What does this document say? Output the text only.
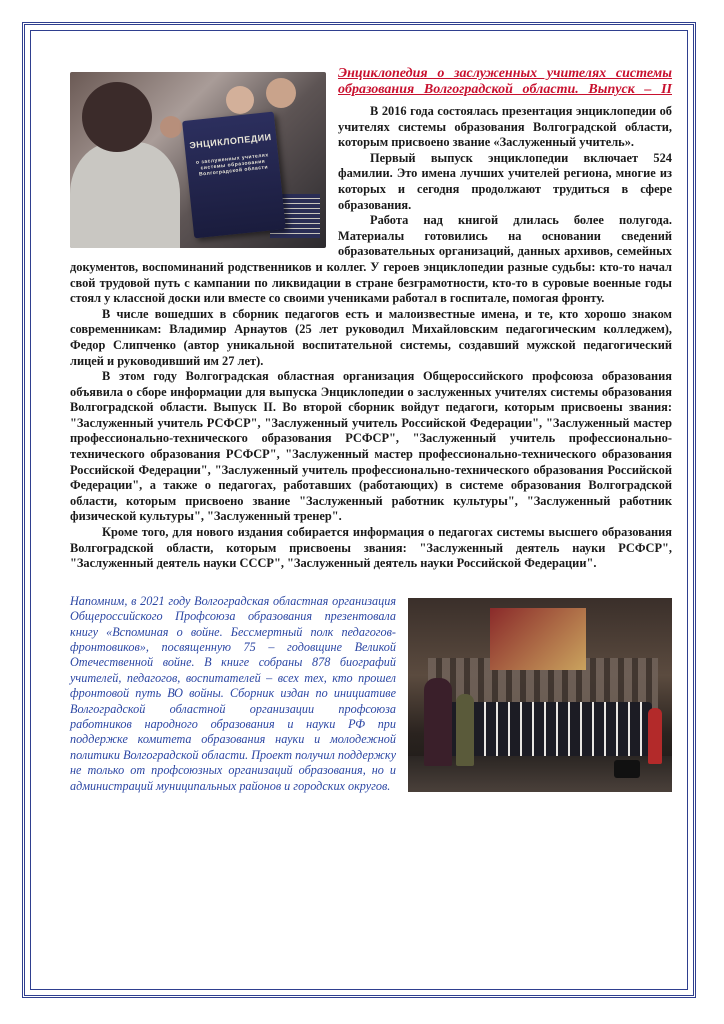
ЭНЦИКЛОПЕДИИ
о заслуженных учителях системы образования Волгоградской области
Энциклопедия о заслуженных учителях системы образования Волгоградской области. Выпуск – II

В 2016 года состоялась презентация энциклопедии об учителях системы образования Волгоградской области, которым присвоено звание «Заслуженный учитель».

Первый выпуск энциклопедии включает 524 фамилии. Это имена лучших учителей региона, многие из которых и сегодня продолжают трудиться в сфере образования.

Работа над книгой длилась более полугода. Материалы готовились на основании сведений образовательных организаций, данных архивов, семейных документов, воспоминаний родственников и коллег. У героев энциклопедии разные судьбы: кто-то начал свой трудовой путь с кампании по ликвидации в стране безграмотности, кто-то в суровые военные годы стоял у классной доски или вместе со своими учениками работал в госпитале, помогая фронту.

В числе вошедших в сборник педагогов есть и малоизвестные имена, и те, кто хорошо знаком современникам: Владимир Арнаутов (25 лет руководил Михайловским педагогическим колледжем), Федор Слипченко (автор уникальной воспитательной системы, создавший мужской педагогический лицей и руководивший им 27 лет).

В этом году Волгоградская областная организация Общероссийского профсоюза образования объявила о сборе информации для выпуска Энциклопедии о заслуженных учителях системы образования Волгоградской области. Выпуск II. Во второй сборник войдут педагоги, которым присвоены звания: "Заслуженный учитель РСФСР", "Заслуженный учитель Российской Федерации", "Заслуженный мастер профессионально-технического образования РСФСР", "Заслуженный учитель профессионально-технического образования РСФСР", "Заслуженный мастер профессионально-технического образования Российской Федерации", "Заслуженный учитель профессионально-технического образования Российской Федерации", а также о педагогах, работавших (работающих) в системе образования Волгоградской области, которым присвоено звание "Заслуженный работник культуры", "Заслуженный работник физической культуры", "Заслуженный тренер".

Кроме того, для нового издания собирается информация о педагогах системы высшего образования Волгоградской области, которым присвоены звания: "Заслуженный деятель науки РСФСР", "Заслуженный деятель науки СССР", "Заслуженный деятель науки Российской Федерации".

Напомним, в 2021 году Волгоградская областная организация Общероссийского Профсоюза образования презентовала книгу «Вспоминая о войне. Бессмертный полк педагогов-фронтовиков», посвященную 75 – годовщине Великой Отечественной войне. В книге собраны 878 биографий учителей, педагогов, воспитателей – всех тех, кто прошел фронтовой путь ВО войны. Сборник издан по инициативе Волгоградской областной организации профсоюза работников народного образования и науки РФ при поддержке комитета образования науки и молодежной политики Волгоградской области. Проект получил поддержку не только от профсоюзных организаций образования, но и администраций муниципальных районов и городских округов.
